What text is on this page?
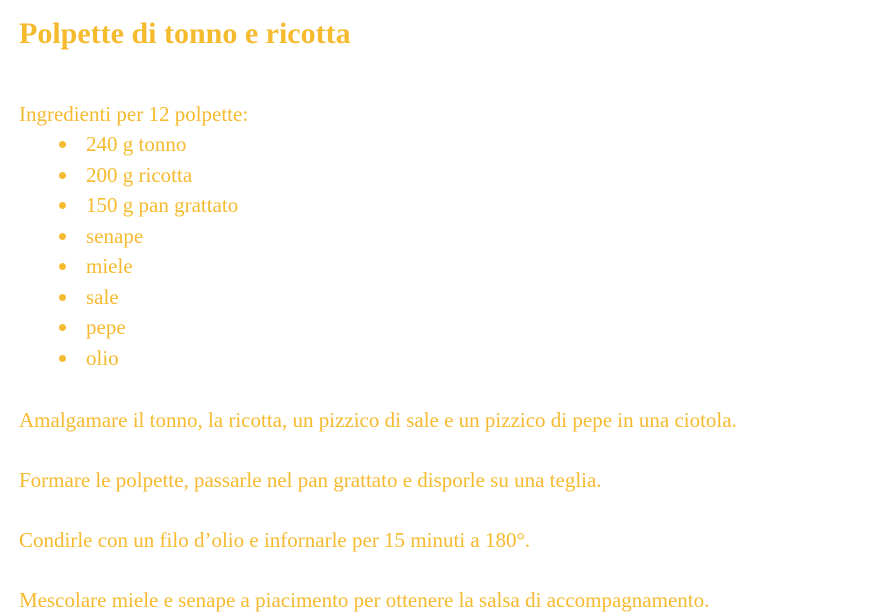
Polpette di tonno e ricotta

Ingredienti per 12 polpette:

240 g tonno
200 g ricotta
150 g pan grattato
senape
miele
sale
pepe
olio

Amalgamare il tonno, la ricotta, un pizzico di sale e un pizzico di pepe in una ciotola.

Formare le polpette, passarle nel pan grattato e disporle su una teglia.

Condirle con un filo d’olio e infornarle per 15 minuti a 180°.

Mescolare miele e senape a piacimento per ottenere la salsa di accompagnamento.
